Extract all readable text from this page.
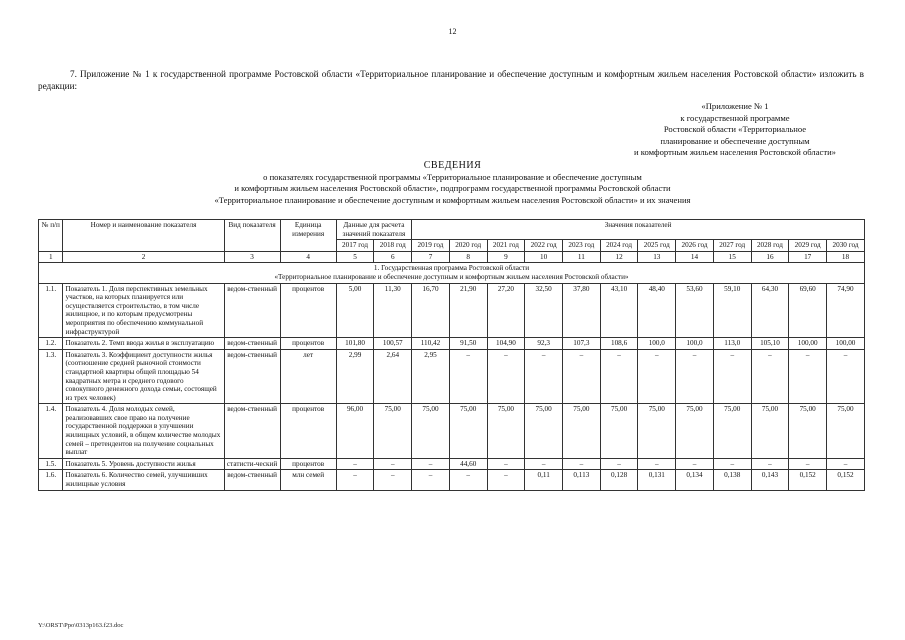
12
7. Приложение № 1 к государственной программе Ростовской области «Территориальное планирование и обеспечение доступным и комфортным жильем населения Ростовской области» изложить в редакции:
«Приложение № 1
к государственной программе
Ростовской области «Территориальное
планирование и обеспечение доступным
и комфортным жильем населения Ростовской области»
СВЕДЕНИЯ
о показателях государственной программы «Территориальное планирование и обеспечение доступным
и комфортным жильем населения Ростовской области», подпрограмм государственной программы Ростовской области
«Территориальное планирование и обеспечение доступным и комфортным жильем населения Ростовской области» и их значения
№ п/п	Номер и наименование показателя	Вид показателя	Единица измерения	Данные для расчета значений показателя		Значения показателей											
				2017 год	2018 год	2019 год	2020 год	2021 год	2022 год	2023 год	2024 год	2025 год	2026 год	2027 год	2028 год	2029 год	2030 год
1	2	3	4	5	6	7	8	9	10	11	12	13	14	15	16	17	18

1. Государственная программа Ростовской области
«Территориальное планирование и обеспечение доступным и комфортным жильем населения Ростовской области»																	

1.1.	Показатель 1. Доля перспективных земельных участков, на которых планируется или осуществляется строительство, в том числе жилищное, и по которым предусмотрены мероприятия по обеспечению коммунальной инфраструктурой	ведом-ственный	процентов	5,00	11,30	16,70	21,90	27,20	32,50	37,80	43,10	48,40	53,60	59,10	64,30	69,60	74,90
1.2.	Показатель 2. Темп ввода жилья в эксплуатацию	ведом-ственный	процентов	101,80	100,57	110,42	91,50	104,90	92,3	107,3	108,6	100,0	100,0	113,0	105,10	100,00	100,00
1.3.	Показатель 3. Коэффициент доступности жилья (соотношение средней рыночной стоимости стандартной квартиры общей площадью 54 квадратных метра и среднего годового совокупного денежного дохода семьи, состоящей из трех человек)	ведом-ственный	лет	2,99	2,64	2,95	–	–	–	–	–	–	–	–	–	–	–
1.4.	Показатель 4. Доля молодых семей, реализовавших свое право на получение государственной поддержки в улучшении жилищных условий, в общем количестве молодых семей – претендентов на получение социальных выплат	ведом-ственный	процентов	96,00	75,00	75,00	75,00	75,00	75,00	75,00	75,00	75,00	75,00	75,00	75,00	75,00	75,00
1.5.	Показатель 5. Уровень доступности жилья	статисти-ческий	процентов	–	–	–	44,60	–	–	–	–	–	–	–	–	–	–
1.6.	Показатель 6. Количество семей, улучшивших жилищные условия	ведом-ственный	млн семей	–	–	–	–	–	0,11	0,113	0,128	0,131	0,134	0,138	0,143	0,152	0,152
Y:\ORST\Ppo\0313p163.f23.doc
